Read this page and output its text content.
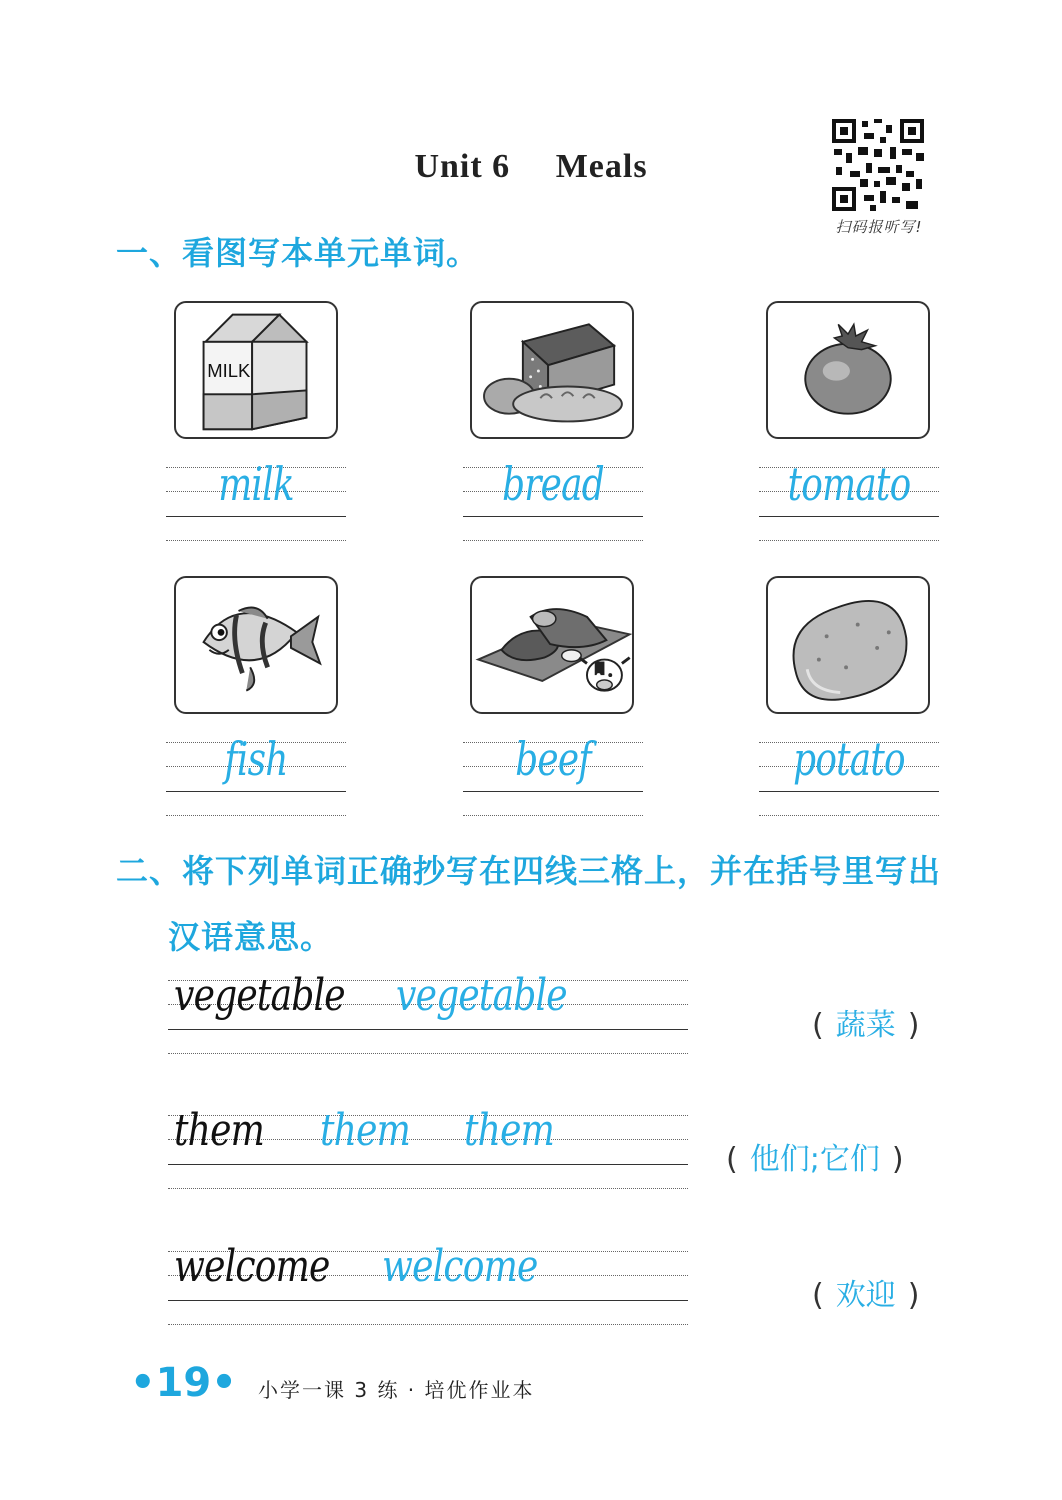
Unit 6 Meals
扫码报听写!
一、看图写本单元单词。
MILK
milk	bread	tomato
fish	beef	potato
二、将下列单词正确抄写在四线三格上，并在括号里写出
汉语意思。
vegetable vegetable
( 蔬菜 )
them them them
( 他们;它们 )
welcome welcome
( 欢迎 )
•19• 小学一课 3 练 · 培优作业本
